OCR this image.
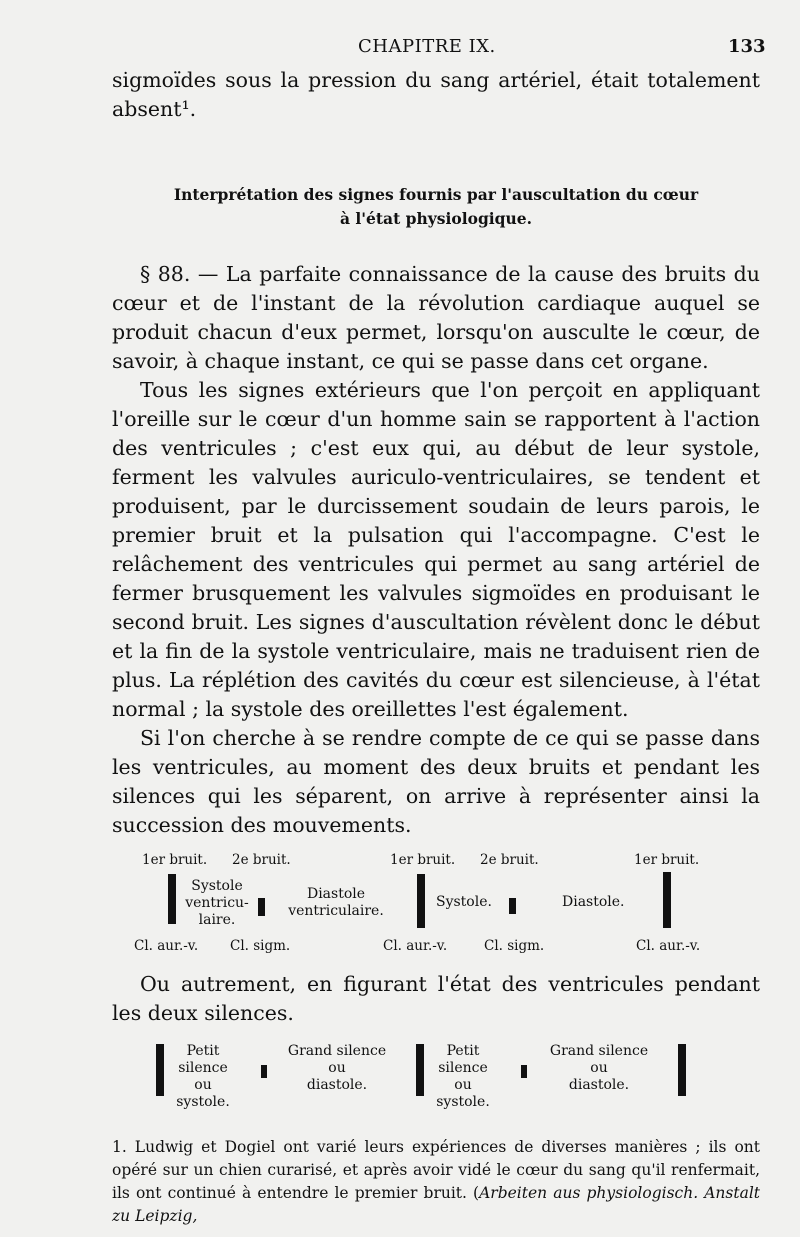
CHAPITRE IX.	133

sigmoïdes sous la pression du sang artériel, était totalement absent¹.

Interprétation des signes fournis par l'auscultation du cœur
à l'état physiologique.

§ 88. — La parfaite connaissance de la cause des bruits du cœur et de l'instant de la révolution cardiaque auquel se produit chacun d'eux permet, lorsqu'on ausculte le cœur, de savoir, à chaque instant, ce qui se passe dans cet organe.

Tous les signes extérieurs que l'on perçoit en appliquant l'oreille sur le cœur d'un homme sain se rapportent à l'action des ventricules ; c'est eux qui, au début de leur systole, ferment les valvules auriculo-ventriculaires, se tendent et produisent, par le durcissement soudain de leurs parois, le premier bruit et la pulsation qui l'accompagne. C'est le relâchement des ventricules qui permet au sang artériel de fermer brusquement les valvules sigmoïdes en produisant le second bruit. Les signes d'auscultation révèlent donc le début et la fin de la systole ventriculaire, mais ne traduisent rien de plus. La réplétion des cavités du cœur est silencieuse, à l'état normal ; la systole des oreillettes l'est également.

Si l'on cherche à se rendre compte de ce qui se passe dans les ventricules, au moment des deux bruits et pendant les silences qui les séparent, on arrive à représenter ainsi la succession des mouvements.

1er bruit. 2e bruit.	1er bruit. 2e bruit.	1er bruit.
Systole
ventricu-
laire.
Diastole
ventriculaire.
Systole.	Diastole.
Cl. aur.-v. Cl. sigm.	Cl. aur.-v.	Cl. sigm.	Cl. aur.-v.

Ou autrement, en figurant l'état des ventricules pendant les deux silences.

Petit silence
ou
systole.
Grand silence
ou
diastole.
Petit silence
ou
systole.
Grand silence
ou
diastole.
1. Ludwig et Dogiel ont varié leurs expériences de diverses manières ; ils ont opéré sur un chien curarisé, et après avoir vidé le cœur du sang qu'il renfermait, ils ont continué à entendre le premier bruit. (Arbeiten aus physiologisch. Anstalt zu Leipzig,
